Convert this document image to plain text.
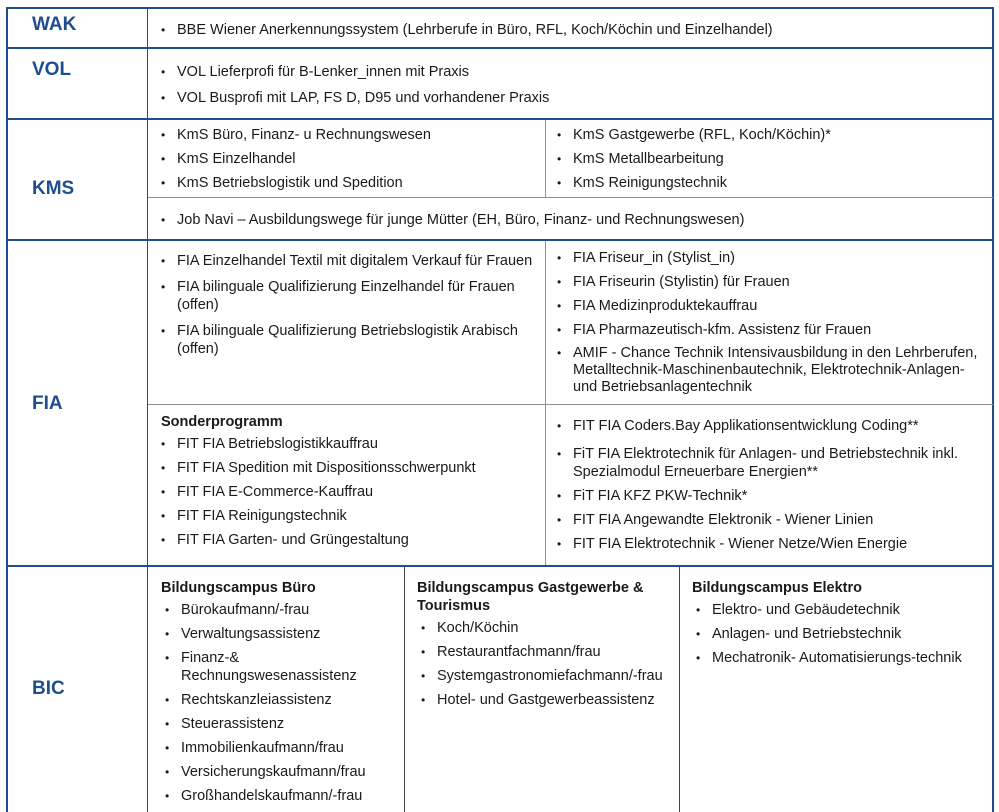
WAK	• BBE Wiener Anerkennungssystem (Lehrberufe in Büro, RFL, Koch/Köchin und Einzelhandel)
VOL	• VOL Lieferprofi für B-Lenker_innen mit Praxis
• VOL Busprofi mit LAP, FS D, D95 und vorhandener Praxis
KMS
• KmS Büro, Finanz- u Rechnungswesen
• KmS Einzelhandel
• KmS Betriebslogistik und Spedition
• KmS Gastgewerbe (RFL, Koch/Köchin)*
• KmS Metallbearbeitung
• KmS Reinigungstechnik
• Job Navi – Ausbildungswege für junge Mütter (EH, Büro, Finanz- und Rechnungswesen)
FIA
• FIA Einzelhandel Textil mit digitalem Verkauf für Frauen
• FIA bilinguale Qualifizierung Einzelhandel für Frauen (offen)
• FIA bilinguale Qualifizierung Betriebslogistik Arabisch (offen)
• FIA Friseur_in (Stylist_in)
• FIA Friseurin (Stylistin) für Frauen
• FIA Medizinproduktekauffrau
• FIA Pharmazeutisch-kfm. Assistenz für Frauen
• AMIF - Chance Technik Intensivausbildung in den Lehrberufen, Metalltechnik-Maschinenbautechnik, Elektrotechnik-Anlagen- und Betriebsanlagentechnik
Sonderprogramm
• FIT FIA Betriebslogistikkauffrau
• FIT FIA Spedition mit Dispositionsschwerpunkt
• FIT FIA E-Commerce-Kauffrau
• FIT FIA Reinigungstechnik
• FIT FIA Garten- und Grüngestaltung
• FIT FIA Coders.Bay Applikationsentwicklung Coding**
• FiT FIA Elektrotechnik für Anlagen- und Betriebstechnik inkl. Spezialmodul Erneuerbare Energien**
• FiT FIA KFZ PKW-Technik*
• FIT FIA Angewandte Elektronik - Wiener Linien
• FIT FIA Elektrotechnik - Wiener Netze/Wien Energie
BIC
Bildungscampus Büro
• Bürokaufmann/-frau
• Verwaltungsassistenz
• Finanz-& Rechnungswesenassistenz
• Rechtskanzleiassistenz
• Steuerassistenz
• Immobilienkaufmann/frau
• Versicherungskaufmann/frau
• Großhandelskaufmann/-frau
Bildungscampus Gastgewerbe & Tourismus
• Koch/Köchin
• Restaurantfachmann/frau
• Systemgastronomiefachmann/-frau
• Hotel- und Gastgewerbeassistenz
Bildungscampus Elektro
• Elektro- und Gebäudetechnik
• Anlagen- und Betriebstechnik
• Mechatronik- Automatisierungs-technik
